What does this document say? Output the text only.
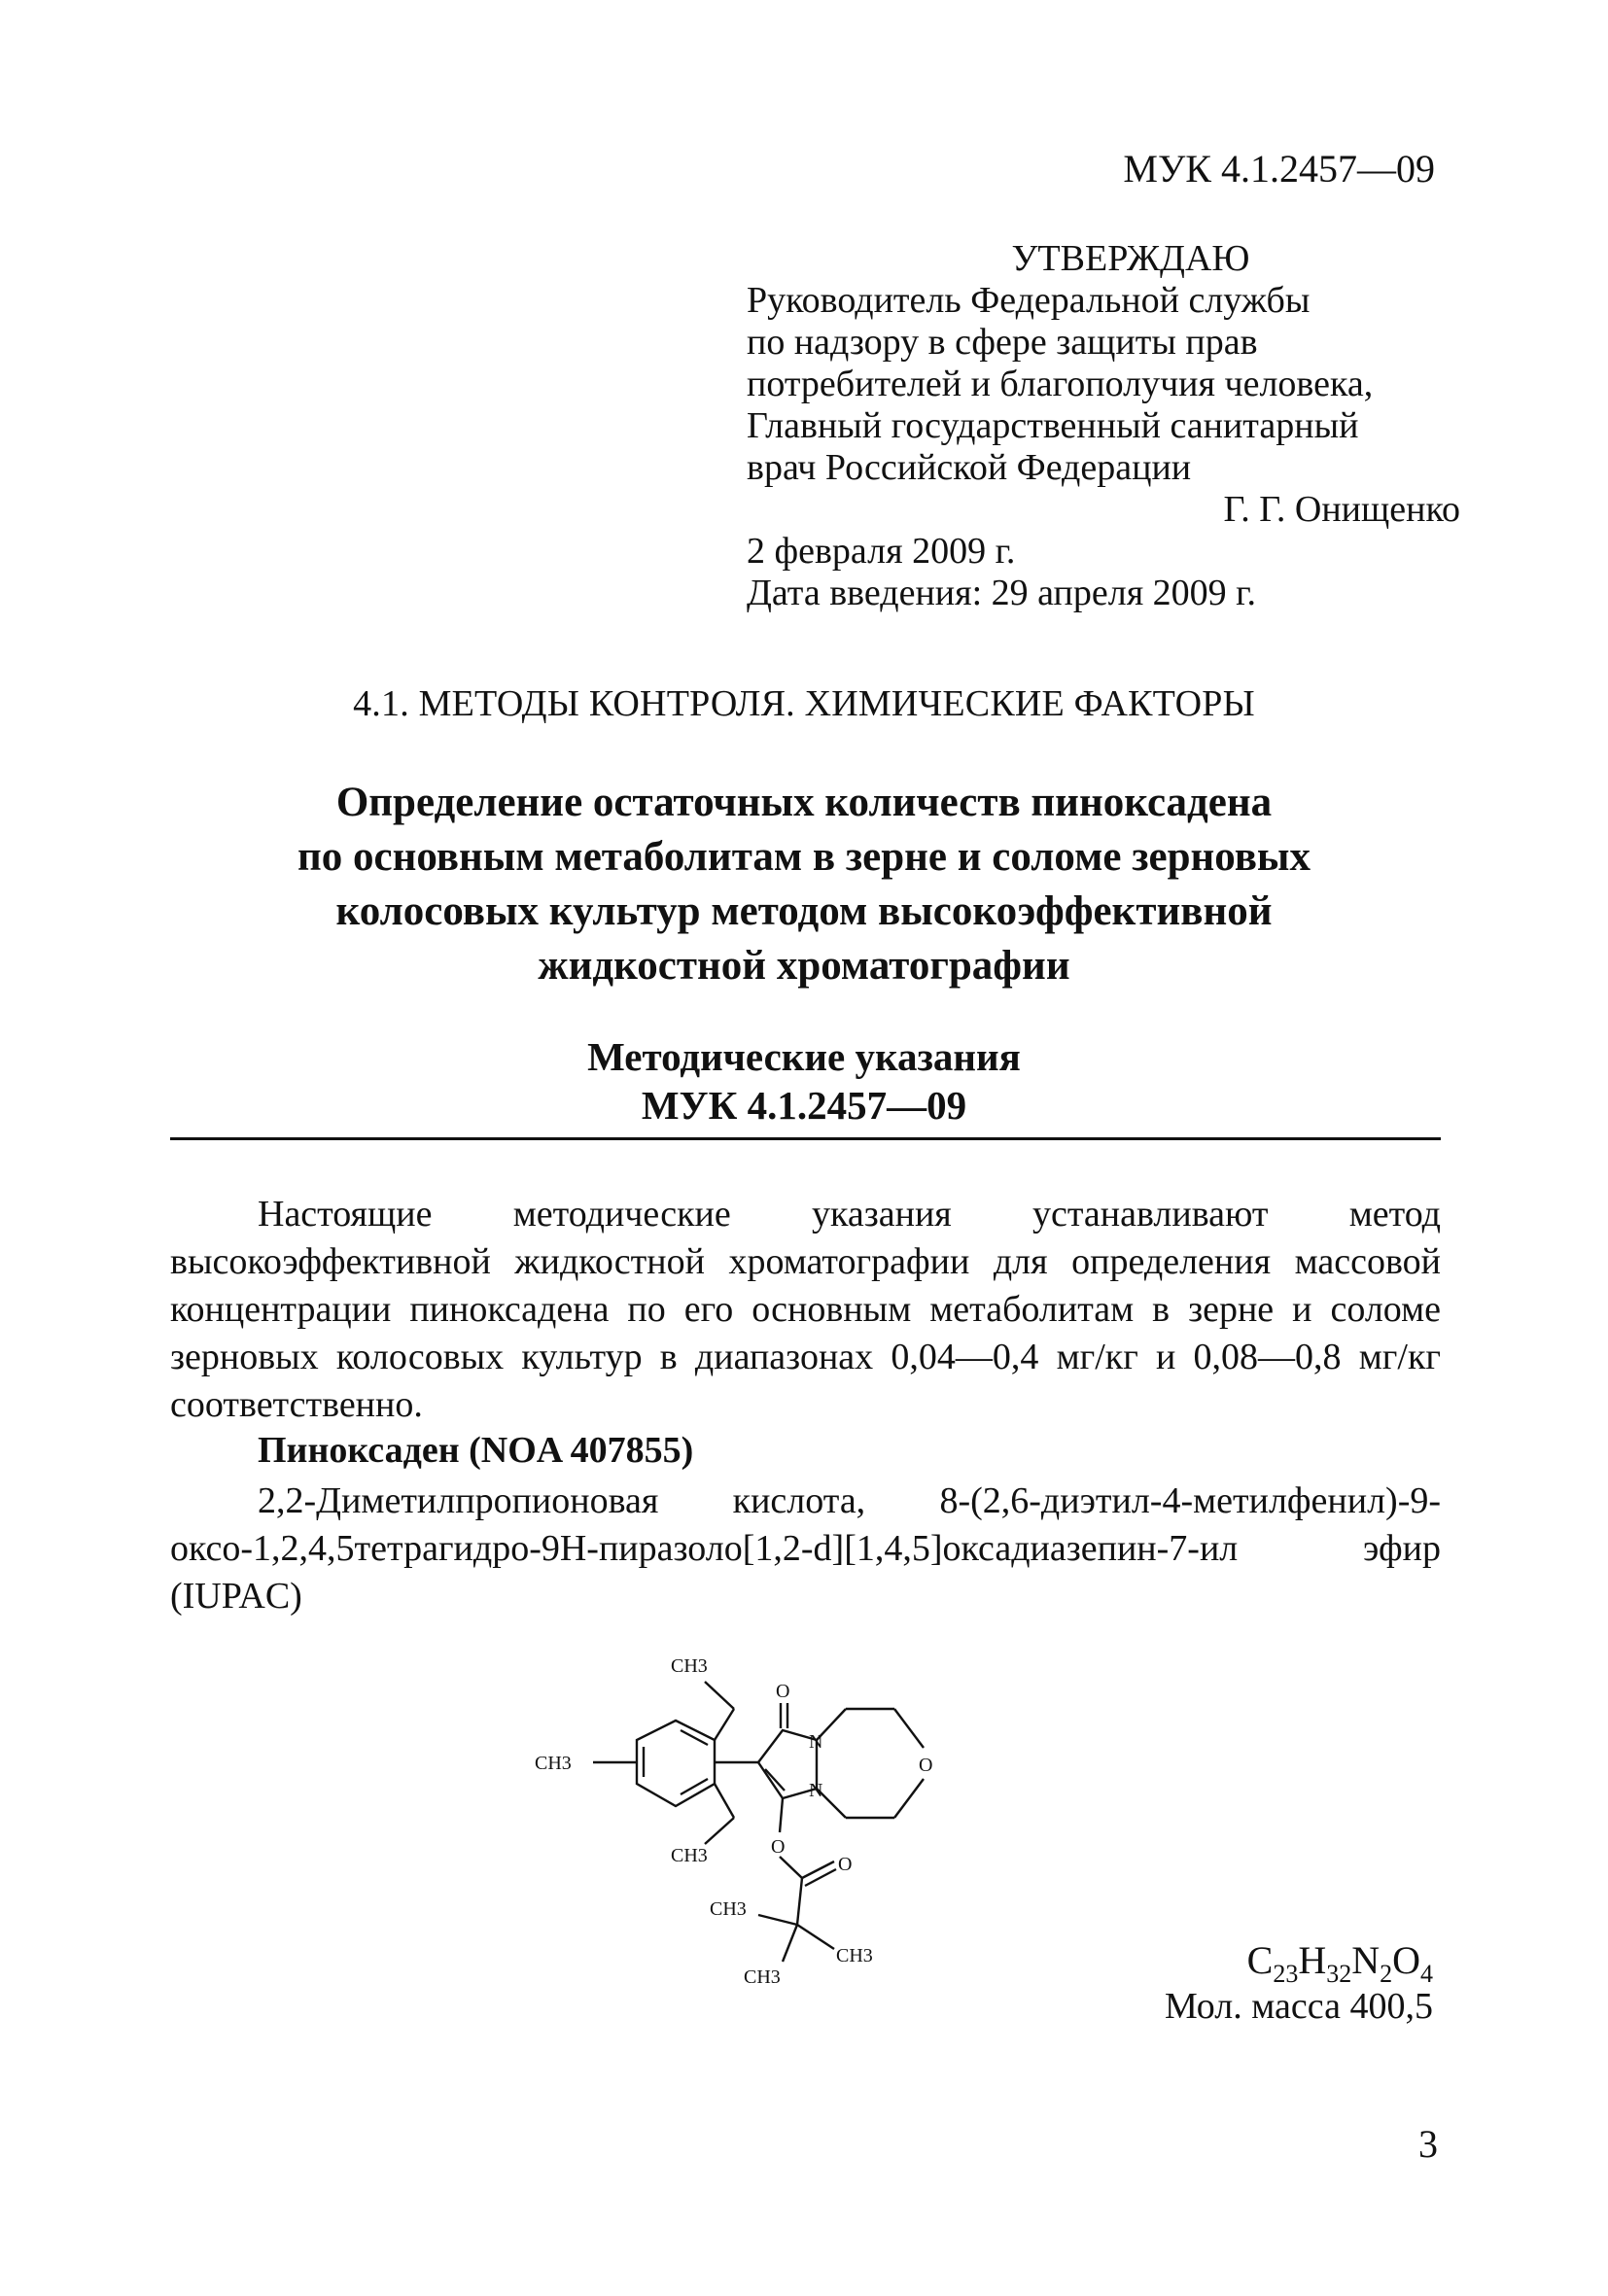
МУК 4.1.2457—09
УТВЕРЖДАЮ
Руководитель Федеральной службы
по надзору в сфере защиты прав
потребителей и благополучия человека,
Главный государственный санитарный
врач Российской Федерации
Г. Г. Онищенко
2 февраля 2009 г.
Дата введения: 29 апреля 2009 г.
4.1. МЕТОДЫ КОНТРОЛЯ. ХИМИЧЕСКИЕ ФАКТОРЫ
Определение остаточных количеств пиноксадена
по основным метаболитам в зерне и соломе зерновых
колосовых культур методом высокоэффективной
жидкостной хроматографии
Методические указания
МУК 4.1.2457—09
Настоящие методические указания устанавливают метод высокоэффективной жидкостной хроматографии для определения массовой концентрации пиноксадена по его основным метаболитам в зерне и соломе зерновых колосовых культур в диапазонах 0,04—0,4 мг/кг и 0,08—0,8 мг/кг соответственно.
Пиноксаден (NOA 407855)
2,2-Диметилпропионовая кислота, 8-(2,6-диэтил-4-метилфенил)-9-оксо-1,2,4,5тетрагидро-9Н-пиразоло[1,2-d][1,4,5]оксадиазепин-7-ил эфир (IUPAC)
CH3
CH3
CH3
O
N
N
O
O
O
CH3
CH3
CH3	$C_{23}H_{32}N_2O_4$
Мол. масса 400,5
3
